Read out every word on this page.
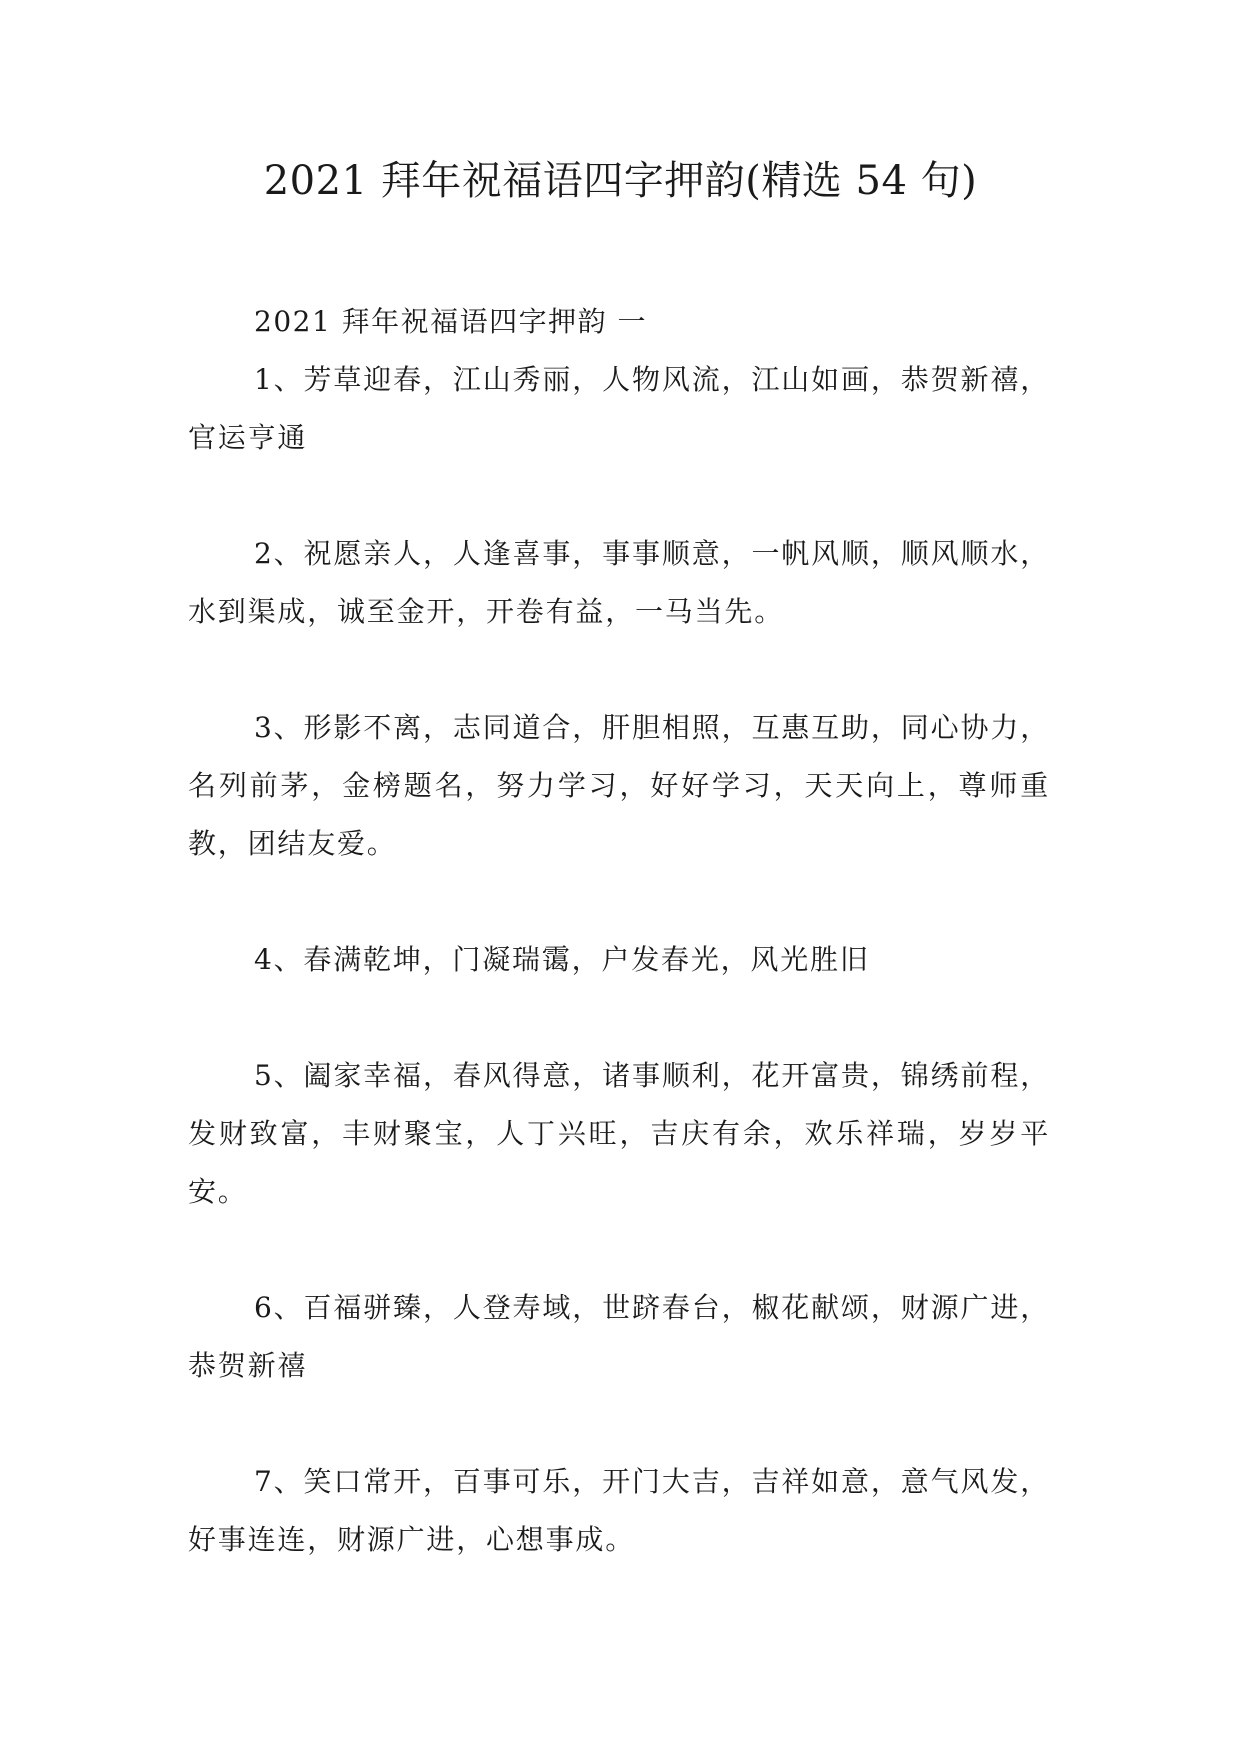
2021 拜年祝福语四字押韵(精选 54 句)

2021 拜年祝福语四字押韵 一

1、芳草迎春，江山秀丽，人物风流，江山如画，恭贺新禧，官运亨通

2、祝愿亲人，人逢喜事，事事顺意，一帆风顺，顺风顺水，水到渠成，诚至金开，开卷有益，一马当先。

3、形影不离，志同道合，肝胆相照，互惠互助，同心协力，名列前茅，金榜题名，努力学习，好好学习，天天向上，尊师重教，团结友爱。

4、春满乾坤，门凝瑞霭，户发春光，风光胜旧

5、阖家幸福，春风得意，诸事顺利，花开富贵，锦绣前程，发财致富，丰财聚宝，人丁兴旺，吉庆有余，欢乐祥瑞，岁岁平安。

6、百福骈臻，人登寿域，世跻春台，椒花献颂，财源广进，恭贺新禧

7、笑口常开，百事可乐，开门大吉，吉祥如意，意气风发，好事连连，财源广进，心想事成。
